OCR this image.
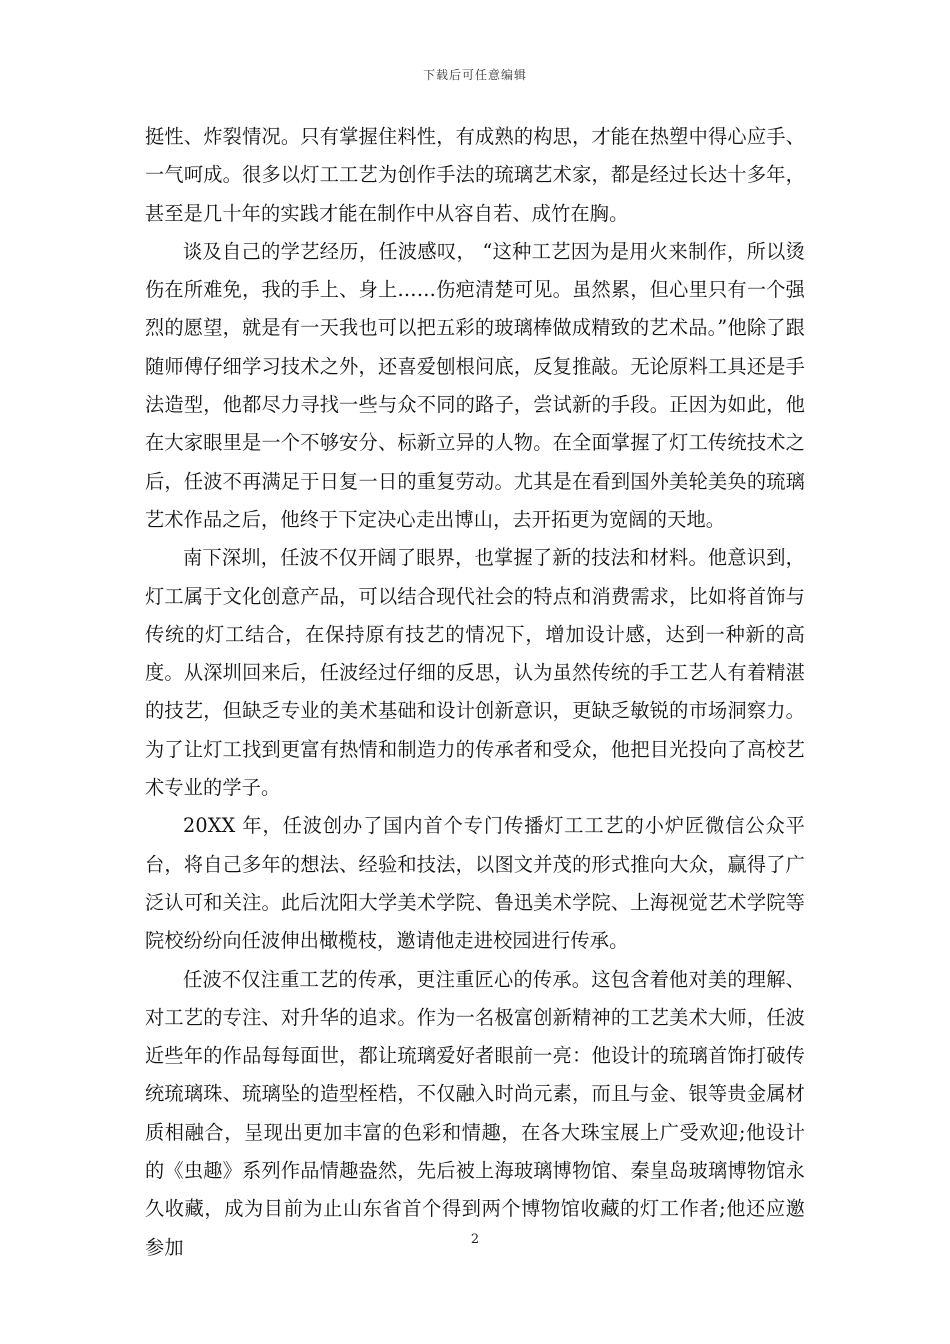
下载后可任意编辑

挺性、炸裂情况。只有掌握住料性，有成熟的构思，才能在热塑中得心应手、一气呵成。很多以灯工工艺为创作手法的琉璃艺术家，都是经过长达十多年，甚至是几十年的实践才能在制作中从容自若、成竹在胸。

谈及自己的学艺经历，任波感叹， “这种工艺因为是用火来制作，所以烫伤在所难免，我的手上、身上……伤疤清楚可见。虽然累，但心里只有一个强烈的愿望，就是有一天我也可以把五彩的玻璃棒做成精致的艺术品。”他除了跟随师傅仔细学习技术之外，还喜爱刨根问底，反复推敲。无论原料工具还是手法造型，他都尽力寻找一些与众不同的路子，尝试新的手段。正因为如此，他在大家眼里是一个不够安分、标新立异的人物。在全面掌握了灯工传统技术之后，任波不再满足于日复一日的重复劳动。尤其是在看到国外美轮美奂的琉璃艺术作品之后，他终于下定决心走出博山，去开拓更为宽阔的天地。

南下深圳，任波不仅开阔了眼界，也掌握了新的技法和材料。他意识到，灯工属于文化创意产品，可以结合现代社会的特点和消费需求，比如将首饰与传统的灯工结合，在保持原有技艺的情况下，增加设计感，达到一种新的高度。从深圳回来后，任波经过仔细的反思，认为虽然传统的手工艺人有着精湛的技艺，但缺乏专业的美术基础和设计创新意识，更缺乏敏锐的市场洞察力。为了让灯工找到更富有热情和制造力的传承者和受众，他把目光投向了高校艺术专业的学子。

20XX 年，任波创办了国内首个专门传播灯工工艺的小炉匠微信公众平台，将自己多年的想法、经验和技法，以图文并茂的形式推向大众，赢得了广泛认可和关注。此后沈阳大学美术学院、鲁迅美术学院、上海视觉艺术学院等院校纷纷向任波伸出橄榄枝，邀请他走进校园进行传承。

任波不仅注重工艺的传承，更注重匠心的传承。这包含着他对美的理解、对工艺的专注、对升华的追求。作为一名极富创新精神的工艺美术大师，任波近些年的作品每每面世，都让琉璃爱好者眼前一亮：他设计的琉璃首饰打破传统琉璃珠、琉璃坠的造型桎梏，不仅融入时尚元素，而且与金、银等贵金属材质相融合，呈现出更加丰富的色彩和情趣，在各大珠宝展上广受欢迎;他设计的《虫趣》系列作品情趣盎然，先后被上海玻璃博物馆、秦皇岛玻璃博物馆永久收藏，成为目前为止山东省首个得到两个博物馆收藏的灯工作者;他还应邀参加	2
